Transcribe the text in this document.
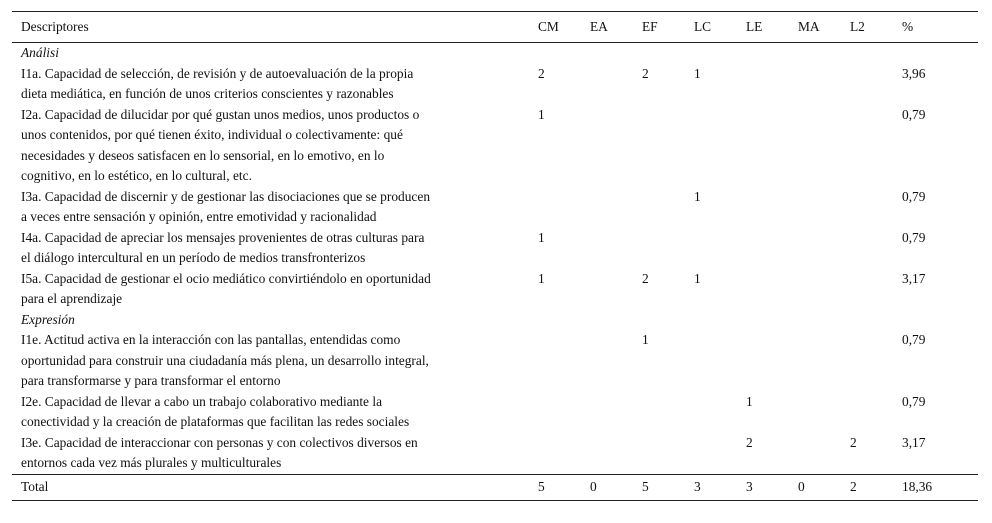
Descriptores	CM	EA	EF	LC	LE	MA	L2	%
Análisi								

I1a. Capacidad de selección, de revisión y de autoevaluación de la propia
dieta mediática, en función de unos criterios conscientes y razonables	2		2	1				3,96

I2a. Capacidad de dilucidar por qué gustan unos medios, unos productos o
unos contenidos, por qué tienen éxito, individual o colectivamente: qué
necesidades y deseos satisfacen en lo sensorial, en lo emotivo, en lo
cognitivo, en lo estético, en lo cultural, etc.	1							0,79

I3a. Capacidad de discernir y de gestionar las disociaciones que se producen
a veces entre sensación y opinión, entre emotividad y racionalidad				1				0,79

I4a. Capacidad de apreciar los mensajes provenientes de otras culturas para
el diálogo intercultural en un período de medios transfronterizos	1							0,79

I5a. Capacidad de gestionar el ocio mediático convirtiéndolo en oportunidad
para el aprendizaje	1		2	1				3,17
Expresión								

I1e. Actitud activa en la interacción con las pantallas, entendidas como
oportunidad para construir una ciudadanía más plena, un desarrollo integral,
para transformarse y para transformar el entorno			1					0,79

I2e. Capacidad de llevar a cabo un trabajo colaborativo mediante la
conectividad y la creación de plataformas que facilitan las redes sociales					1			0,79

I3e. Capacidad de interaccionar con personas y con colectivos diversos en
entornos cada vez más plurales y multiculturales					2		2	3,17
Total	5	0	5	3	3	0	2	18,36
